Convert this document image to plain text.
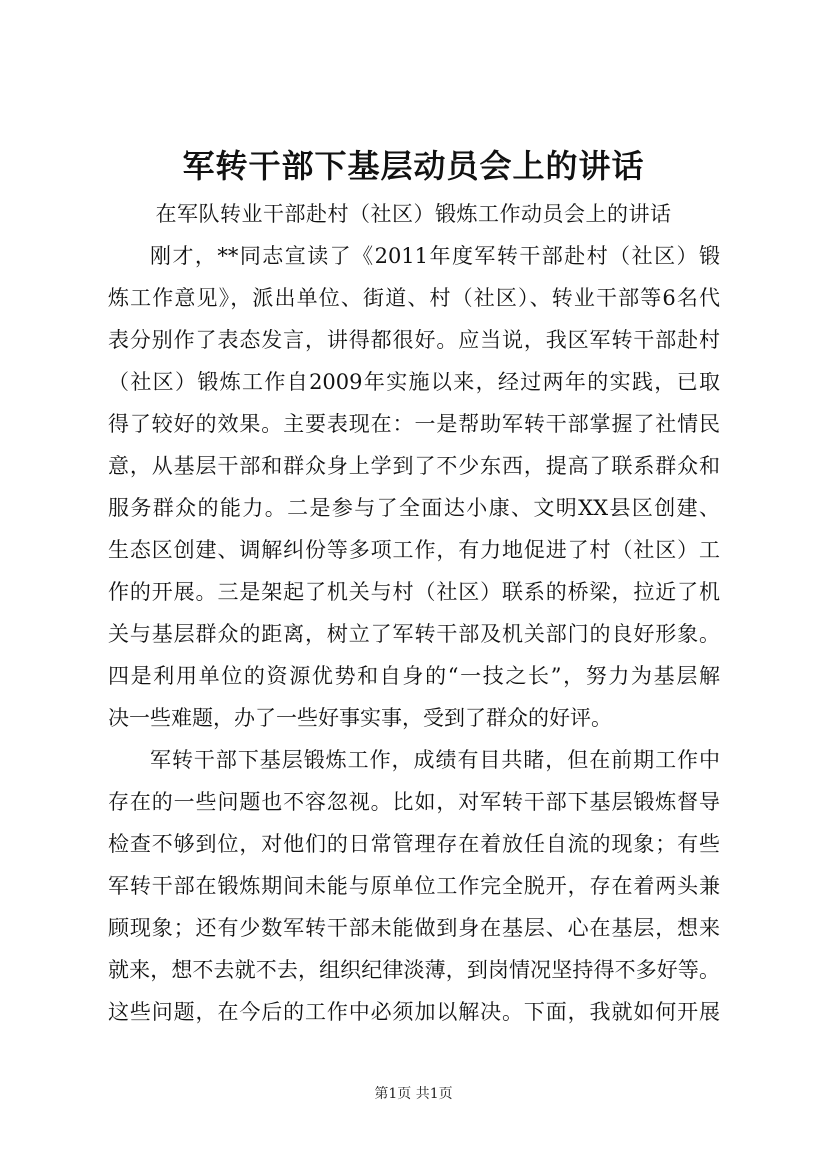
军转干部下基层动员会上的讲话
在军队转业干部赴村（社区）锻炼工作动员会上的讲话
刚才，**同志宣读了《2011年度军转干部赴村（社区）锻
炼工作意见》，派出单位、街道、村（社区）、转业干部等6名代
表分别作了表态发言，讲得都很好。应当说，我区军转干部赴村
（社区）锻炼工作自2009年实施以来，经过两年的实践，已取
得了较好的效果。主要表现在：一是帮助军转干部掌握了社情民
意，从基层干部和群众身上学到了不少东西，提高了联系群众和
服务群众的能力。二是参与了全面达小康、文明XX县区创建、
生态区创建、调解纠份等多项工作，有力地促进了村（社区）工
作的开展。三是架起了机关与村（社区）联系的桥梁，拉近了机
关与基层群众的距离，树立了军转干部及机关部门的良好形象。
四是利用单位的资源优势和自身的“一技之长”，努力为基层解
决一些难题，办了一些好事实事，受到了群众的好评。
军转干部下基层锻炼工作，成绩有目共睹，但在前期工作中
存在的一些问题也不容忽视。比如，对军转干部下基层锻炼督导
检查不够到位，对他们的日常管理存在着放任自流的现象；有些
军转干部在锻炼期间未能与原单位工作完全脱开，存在着两头兼
顾现象；还有少数军转干部未能做到身在基层、心在基层，想来
就来，想不去就不去，组织纪律淡薄，到岗情况坚持得不多好等。
这些问题，在今后的工作中必须加以解决。下面，我就如何开展
第1页 共1页
